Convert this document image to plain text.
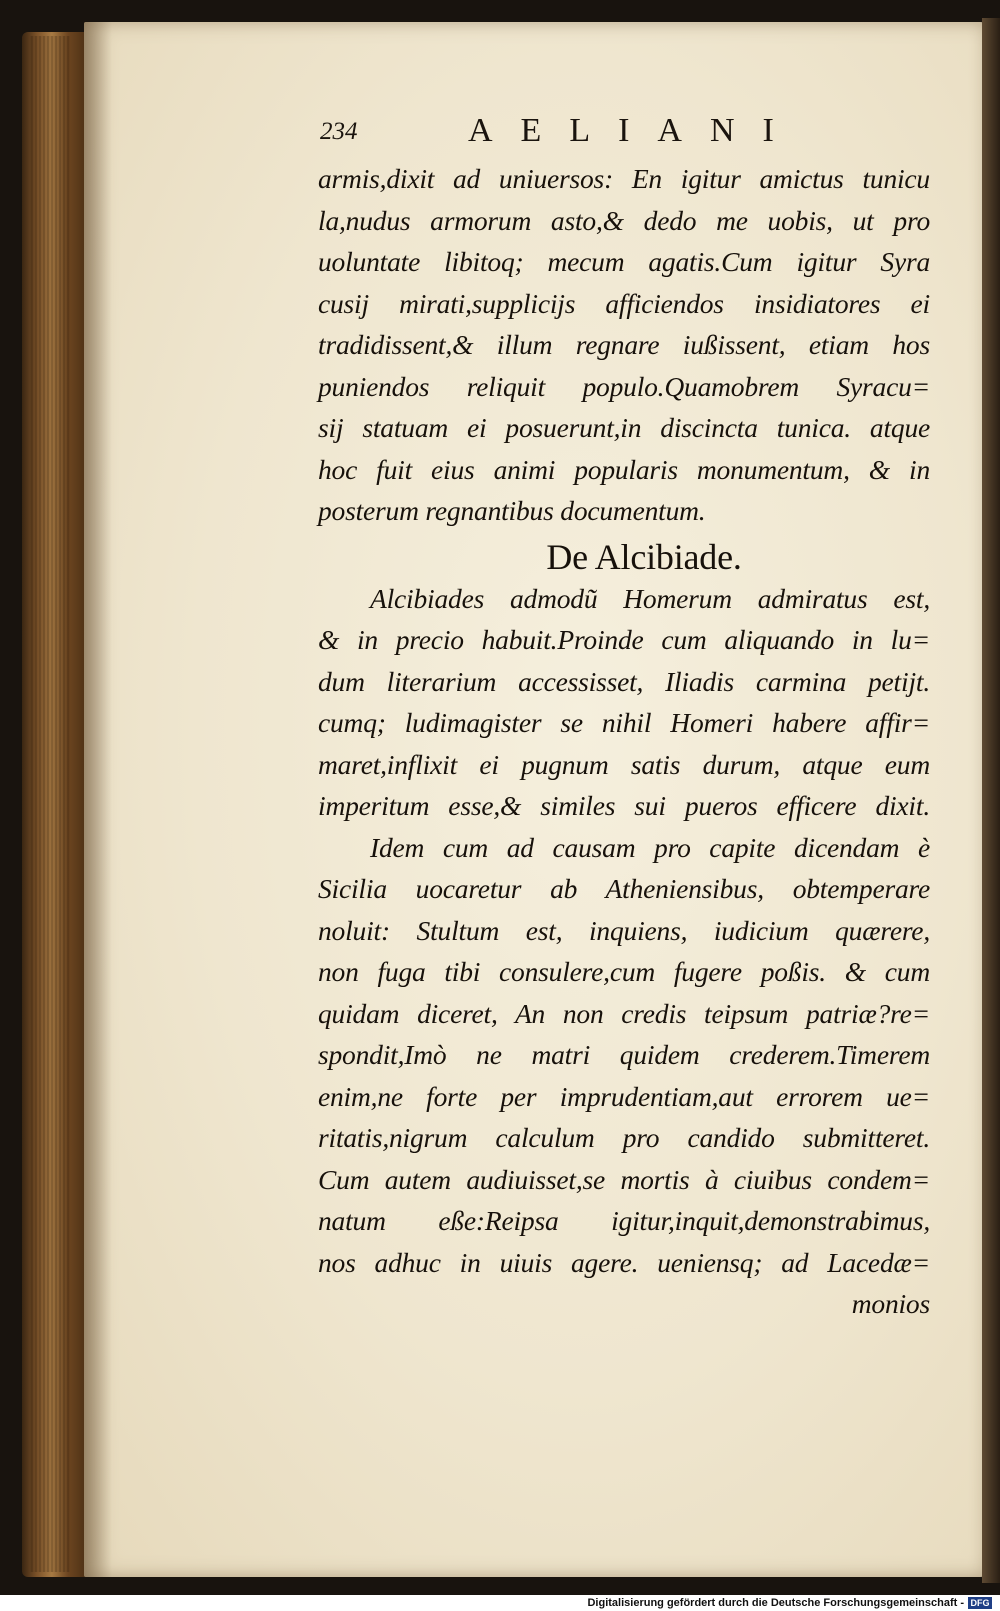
234	AELIANI
armis,dixit ad uniuersos: En igitur amictus tunicu
la,nudus armorum asto,& dedo me uobis, ut pro
uoluntate libitoq; mecum agatis.Cum igitur Syra
cusij mirati,supplicijs afficiendos insidiatores ei
tradidissent,& illum regnare iußissent, etiam hos
puniendos reliquit populo.Quamobrem Syracu=
sij statuam ei posuerunt,in discincta tunica. atque
hoc fuit eius animi popularis monumentum, & in
posterum regnantibus documentum.
De Alcibiade.
Alcibiades admodũ Homerum admiratus est,
& in precio habuit.Proinde cum aliquando in lu=
dum literarium accessisset, Iliadis carmina petijt.
cumq; ludimagister se nihil Homeri habere affir=
maret,inflixit ei pugnum satis durum, atque eum
imperitum esse,& similes sui pueros efficere dixit.
Idem cum ad causam pro capite dicendam è
Sicilia uocaretur ab Atheniensibus, obtemperare
noluit: Stultum est, inquiens, iudicium quærere,
non fuga tibi consulere,cum fugere poßis. & cum
quidam diceret, An non credis teipsum patriæ?re=
spondit,Imò ne matri quidem crederem.Timerem
enim,ne forte per imprudentiam,aut errorem ue=
ritatis,nigrum calculum pro candido submitteret.
Cum autem audiuisset,se mortis à ciuibus condem=
natum eße:Reipsa igitur,inquit,demonstrabimus,
nos adhuc in uiuis agere. ueniensq; ad Lacedæ=
monios
Digitalisierung gefördert durch die Deutsche Forschungsgemeinschaft - DFG
